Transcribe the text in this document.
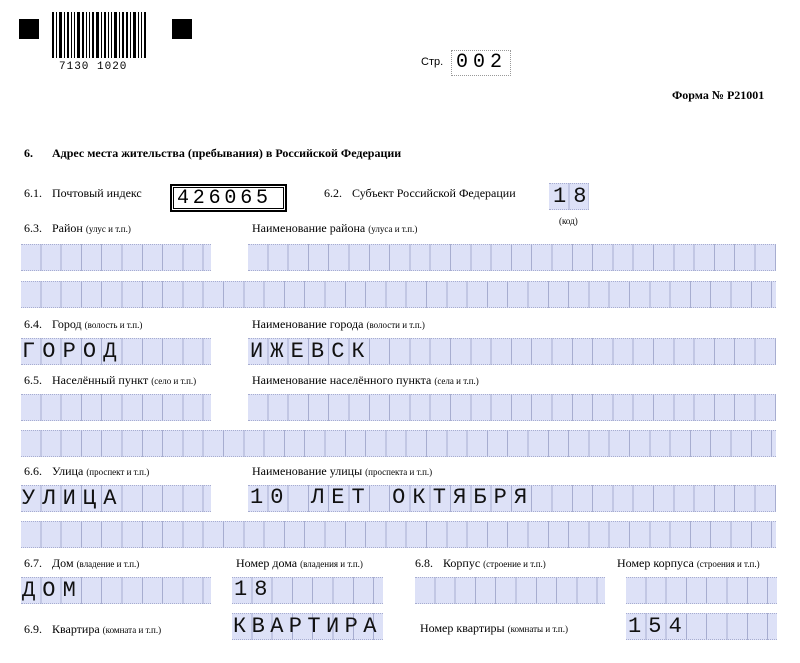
7130 1020	Стр. 002
Форма № Р21001
6. Адрес места жительства (пребывания) в Российской Федерации
6.1. Почтовый индекс 426065	6.2. Субъект Российской Федерации 18
(код)
6.3. Район (улус и т.п.)	Наименование района (улуса и т.п.)
6.4. Город (волость и т.п.)	Наименование города (волости и т.п.)
ГОРОД	ИЖЕВСК
6.5. Населённый пункт (село и т.п.)	Наименование населённого пункта (села и т.п.)
6.6. Улица (проспект и т.п.)	Наименование улицы (проспекта и т.п.)
УЛИЦА	10 ЛЕТ ОКТЯБРЯ
6.7. Дом (владение и т.п.)	Номер дома (владения и т.п.)
ДОМ	18
6.8. Корпус (строение и т.п.)	Номер корпуса (строения и т.п.)
6.9. Квартира (комната и т.п.)	КВАРТИРА	Номер квартиры (комнаты и т.п.)	154
